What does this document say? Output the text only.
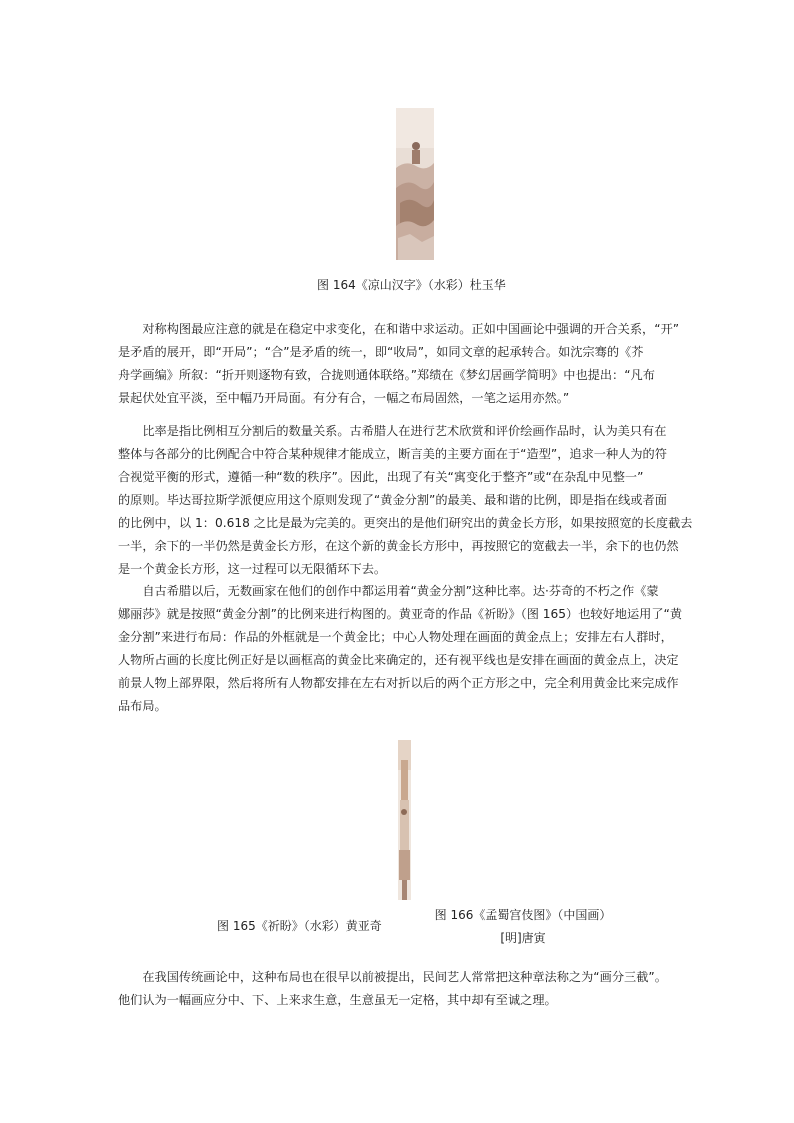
图 164《凉山汉字》（水彩）杜玉华
　　对称构图最应注意的就是在稳定中求变化，在和谐中求运动。正如中国画论中强调的开合关系，“开”
是矛盾的展开，即“开局”；“合”是矛盾的统一，即“收局”，如同文章的起承转合。如沈宗骞的《芥
舟学画编》所叙：“折开则逐物有致，合拢则通体联络。”郑绩在《梦幻居画学简明》中也提出：“凡布
景起伏处宜平淡，至中幅乃开局面。有分有合，一幅之布局固然，一笔之运用亦然。”
　　比率是指比例相互分割后的数量关系。古希腊人在进行艺术欣赏和评价绘画作品时，认为美只有在
整体与各部分的比例配合中符合某种规律才能成立，断言美的主要方面在于“造型”，追求一种人为的符
合视觉平衡的形式，遵循一种“数的秩序”。因此，出现了有关“寓变化于整齐”或“在杂乱中见整一”
的原则。毕达哥拉斯学派便应用这个原则发现了“黄金分割”的最美、最和谐的比例，即是指在线或者面
的比例中，以 1：0.618 之比是最为完美的。更突出的是他们研究出的黄金长方形，如果按照宽的长度截去
一半，余下的一半仍然是黄金长方形，在这个新的黄金长方形中，再按照它的宽截去一半，余下的也仍然
是一个黄金长方形，这一过程可以无限循环下去。
　　自古希腊以后，无数画家在他们的创作中都运用着“黄金分割”这种比率。达·芬奇的不朽之作《蒙
娜丽莎》就是按照“黄金分割”的比例来进行构图的。黄亚奇的作品《祈盼》（图 165）也较好地运用了“黄
金分割”来进行布局：作品的外框就是一个黄金比；中心人物处理在画面的黄金点上；安排左右人群时，
人物所占画的长度比例正好是以画框高的黄金比来确定的，还有视平线也是安排在画面的黄金点上，决定
前景人物上部界限，然后将所有人物都安排在左右对折以后的两个正方形之中，完全利用黄金比来完成作
品布局。
图 165《祈盼》（水彩）黄亚奇
图 166《孟蜀宫伎图》（中国画）
[明]唐寅
　　在我国传统画论中，这种布局也在很早以前被提出，民间艺人常常把这种章法称之为“画分三截”。
他们认为一幅画应分中、下、上来求生意，生意虽无一定格，其中却有至诚之理。
